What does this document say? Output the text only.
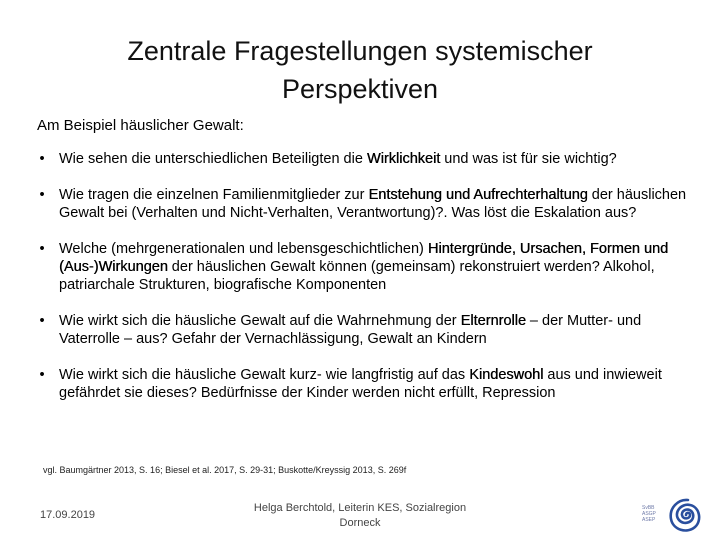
Zentrale Fragestellungen systemischer Perspektiven
Am Beispiel häuslicher Gewalt:
• Wie sehen die unterschiedlichen Beteiligten die Wirklichkeit und was ist für sie wichtig?
• Wie tragen die einzelnen Familienmitglieder zur Entstehung und Aufrechterhaltung der häuslichen Gewalt bei (Verhalten und Nicht-Verhalten, Verantwortung)?. Was löst die Eskalation aus?
• Welche (mehrgenerationalen und lebensgeschichtlichen) Hintergründe, Ursachen, Formen und (Aus-)Wirkungen der häuslichen Gewalt können (gemeinsam) rekonstruiert werden? Alkohol, patriarchale Strukturen, biografische Komponenten
• Wie wirkt sich die häusliche Gewalt auf die Wahrnehmung der Elternrolle – der Mutter- und Vaterrolle – aus? Gefahr der Vernachlässigung, Gewalt an Kindern
• Wie wirkt sich die häusliche Gewalt kurz- wie langfristig auf das Kindeswohl aus und inwieweit gefährdet sie dieses? Bedürfnisse der Kinder werden nicht erfüllt, Repression
vgl. Baumgärtner 2013, S. 16; Biesel et al. 2017, S. 29-31; Buskotte/Kreyssig 2013, S. 269f
17.09.2019
Helga Berchtold, Leiterin KES, Sozialregion
Dorneck
SvBB
ASGP
ASEP
